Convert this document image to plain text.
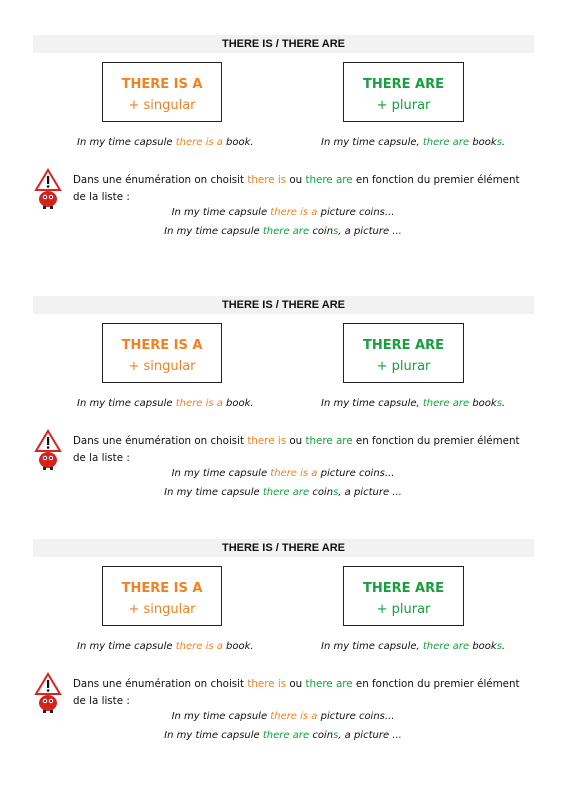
THERE IS / THERE ARE
THERE IS A
+ singular
THERE ARE
+ plurar
In my time capsule there is a book.	In my time capsule, there are books.
Dans une énumération on choisit there is ou there are en fonction du premier élément de la liste :
In my time capsule there is a picture coins...
In my time capsule there are coins, a picture ...
THERE IS / THERE ARE
THERE IS A
+ singular
THERE ARE
+ plurar
In my time capsule there is a book.	In my time capsule, there are books.
Dans une énumération on choisit there is ou there are en fonction du premier élément de la liste :
In my time capsule there is a picture coins...
In my time capsule there are coins, a picture ...
THERE IS / THERE ARE
THERE IS A
+ singular
THERE ARE
+ plurar
In my time capsule there is a book.	In my time capsule, there are books.
Dans une énumération on choisit there is ou there are en fonction du premier élément de la liste :
In my time capsule there is a picture coins...
In my time capsule there are coins, a picture ...
